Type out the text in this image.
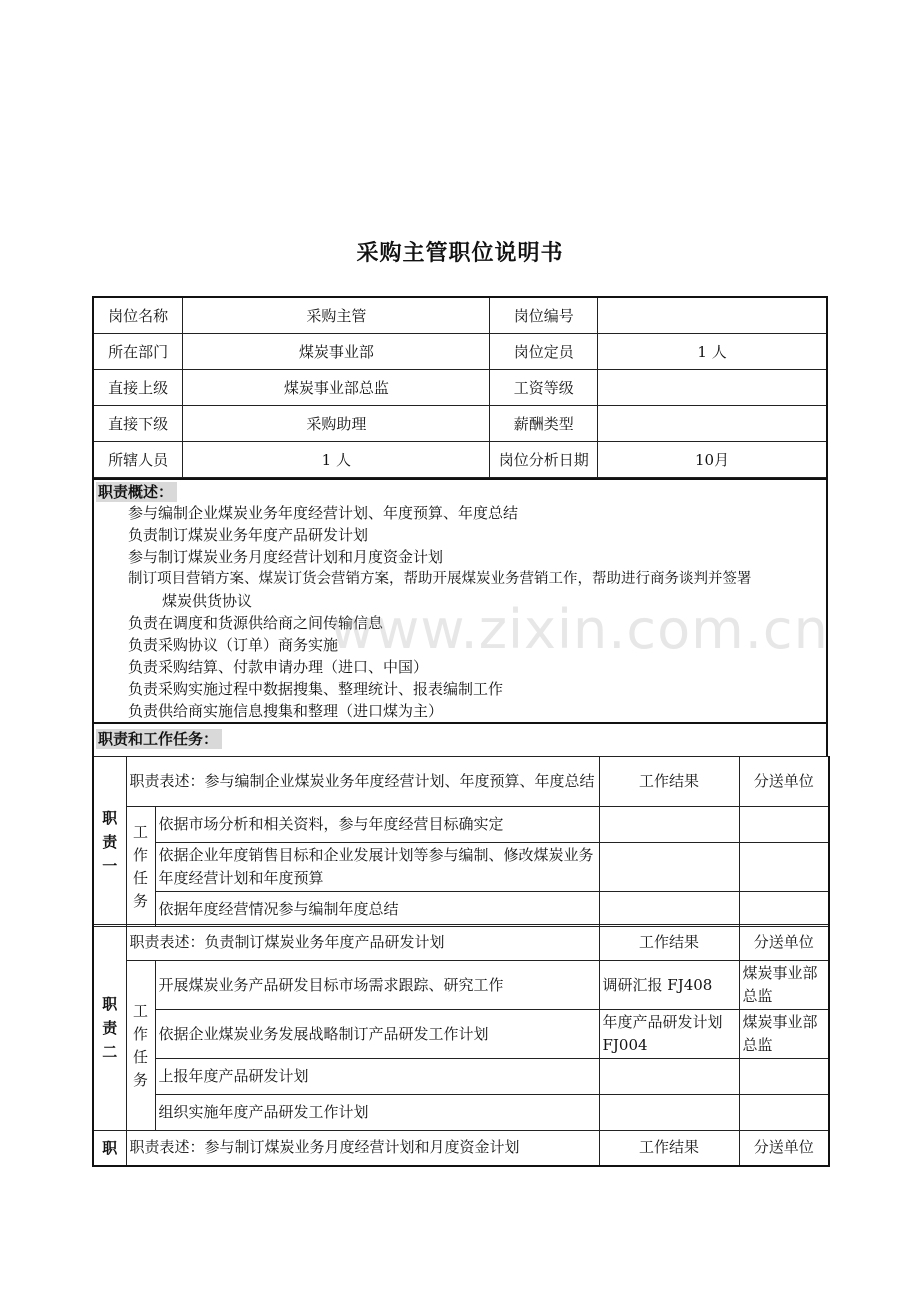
采购主管职位说明书
岗位名称	采购主管	岗位编号	
所在部门	煤炭事业部	岗位定员	1 人
直接上级	煤炭事业部总监	工资等级	
直接下级	采购助理	薪酬类型	
所辖人员	1 人	岗位分析日期	10月
职责概述：
参与编制企业煤炭业务年度经营计划、年度预算、年度总结
负责制订煤炭业务年度产品研发计划
参与制订煤炭业务月度经营计划和月度资金计划
制订项目营销方案、煤炭订货会营销方案，帮助开展煤炭业务营销工作，帮助进行商务谈判并签署
煤炭供货协议
负责在调度和货源供给商之间传输信息
负责采购协议（订单）商务实施
负责采购结算、付款申请办理（进口、中国）
负责采购实施过程中数据搜集、整理统计、报表编制工作
负责供给商实施信息搜集和整理（进口煤为主）
www.zixin.com.cn
职责和工作任务：
职责一	职责表述：参与编制企业煤炭业务年度经营计划、年度预算、年度总结		工作结果	分送单位

	工作任务	依据市场分析和相关资料，参与年度经营目标确实定		
		依据企业年度销售目标和企业发展计划等参与编制、修改煤炭业务年度经营计划和年度预算		
		依据年度经营情况参与编制年度总结		
职责二	职责表述：负责制订煤炭业务年度产品研发计划		工作结果	分送单位

	工作任务	开展煤炭业务产品研发目标市场需求跟踪、研究工作	调研汇报 FJ408	煤炭事业部总监
		依据企业煤炭业务发展战略制订产品研发工作计划	年度产品研发计划 FJ004	煤炭事业部总监
		上报年度产品研发计划		
		组织实施年度产品研发工作计划		
职	职责表述：参与制订煤炭业务月度经营计划和月度资金计划	工作结果	分送单位
